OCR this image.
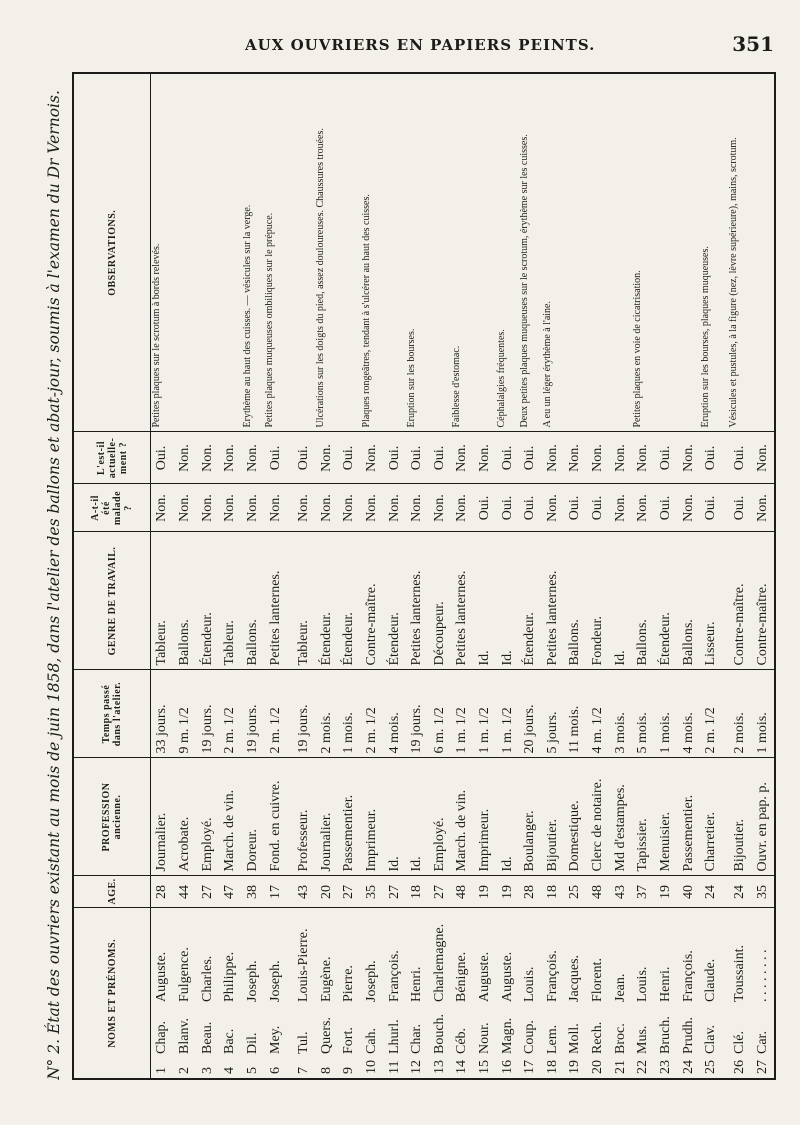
AUX OUVRIERS EN PAPIERS PEINTS.	351
N° 2. État des ouvriers existant au mois de juin 1858, dans l'atelier des ballons et abat-jour, soumis à l'examen du Dr Vernois.	NOMS ET PRÉNOMS.	AGE.	PROFESSION ancienne.	Temps passé dans l'atelier.	GENRE DE TRAVAIL.	A-t-il été malade ?	L'est-il actuelle-ment ?	OBSERVATIONS.
1Chap.Auguste.	28	Journalier.	33 jours.	Tableur.	Non.	Oui.	Petites plaques sur le scrotum à bords relevés.
2Blanv.Fulgence.	44	Acrobate.	9 m. 1/2	Ballons.	Non.	Non.	
3Beau.Charles.	27	Employé.	19 jours.	Étendeur.	Non.	Non.	
4Bac.Philippe.	47	March. de vin.	2 m. 1/2	Tableur.	Non.	Non.	
5Dil.Joseph.	38	Doreur.	19 jours.	Ballons.	Non.	Non.	Érythème au haut des cuisses. — vésicules sur la verge.
6Mey.Joseph.	17	Fond. en cuivre.	2 m. 1/2	Petites lanternes.	Non.	Oui.	Petites plaques muqueuses ombiliques sur le prépuce.

7Tul.Louis-Pierre.	43	Professeur.	19 jours.	Tableur.	Non.	Oui.	
8Quers.Eugène.	20	Journalier.	2 mois.	Étendeur.	Non.	Non.	Ulcérations sur les doigts du pied, assez douloureuses. Chaussures trouées.
9Fort.Pierre.	27	Passementier.	1 mois.	Étendeur.	Non.	Oui.	
10Cah.Joseph.	35	Imprimeur.	2 m. 1/2	Contre-maître.	Non.	Non.	Plaques rongeâtres, tendant à s'ulcérer au haut des cuisses.
11Lhurl.François.	27	Id.	4 mois.	Étendeur.	Non.	Oui.	
12Char.Henri.	18	Id.	19 jours.	Petites lanternes.	Non.	Oui.	Éruption sur les bourses.
13Bouch.Charlemagne.	27	Employé.	6 m. 1/2	Découpeur.	Non.	Oui.	
14Céb.Bénigne.	48	March. de vin.	1 m. 1/2	Petites lanternes.	Non.	Non.	Faiblesse d'estomac.
15Nour.Auguste.	19	Imprimeur.	1 m. 1/2	Id.	Oui.	Non.	
16Magn.Auguste.	19	Id.	1 m. 1/2	Id.	Oui.	Oui.	Céphalalgies fréquentes.
17Coup.Louis.	28	Boulanger.	20 jours.	Étendeur.	Oui.	Oui.	Deux petites plaques muqueuses sur le scrotum, érythème sur les cuisses.
18Lem.François.	18	Bijoutier.	5 jours.	Petites lanternes.	Non.	Non.	A eu un léger érythème à l'aine.
19Moll.Jacques.	25	Domestique.	11 mois.	Ballons.	Oui.	Non.	
20Rech.Florent.	48	Clerc de notaire.	4 m. 1/2	Fondeur.	Oui.	Non.	
21Broc.Jean.	43	Md d'estampes.	3 mois.	Id.	Non.	Non.	
22Mus.Louis.	37	Tapissier.	5 mois.	Ballons.	Non.	Non.	Petites plaques en voie de cicatrisation.
23Bruch.Henri.	19	Menuisier.	1 mois.	Étendeur.	Oui.	Oui.	
24Prudh.François.	40	Passementier.	4 mois.	Ballons.	Non.	Non.	
25Clav.Claude.	24	Charretier.	2 m. 1/2	Lisseur.	Oui.	Oui.	Éruption sur les bourses, plaques muqueuses.

26Clé.Toussaint.	24	Bijoutier.	2 mois.	Contre-maître.	Oui.	Oui.	Vésicules et pustules, à la figure (nez, lèvre supérieure), mains, scrotum.
27Car.. . . . . . . .	35	Ouvr. en pap. p.	1 mois.	Contre-maître.	Non.	Non.	
